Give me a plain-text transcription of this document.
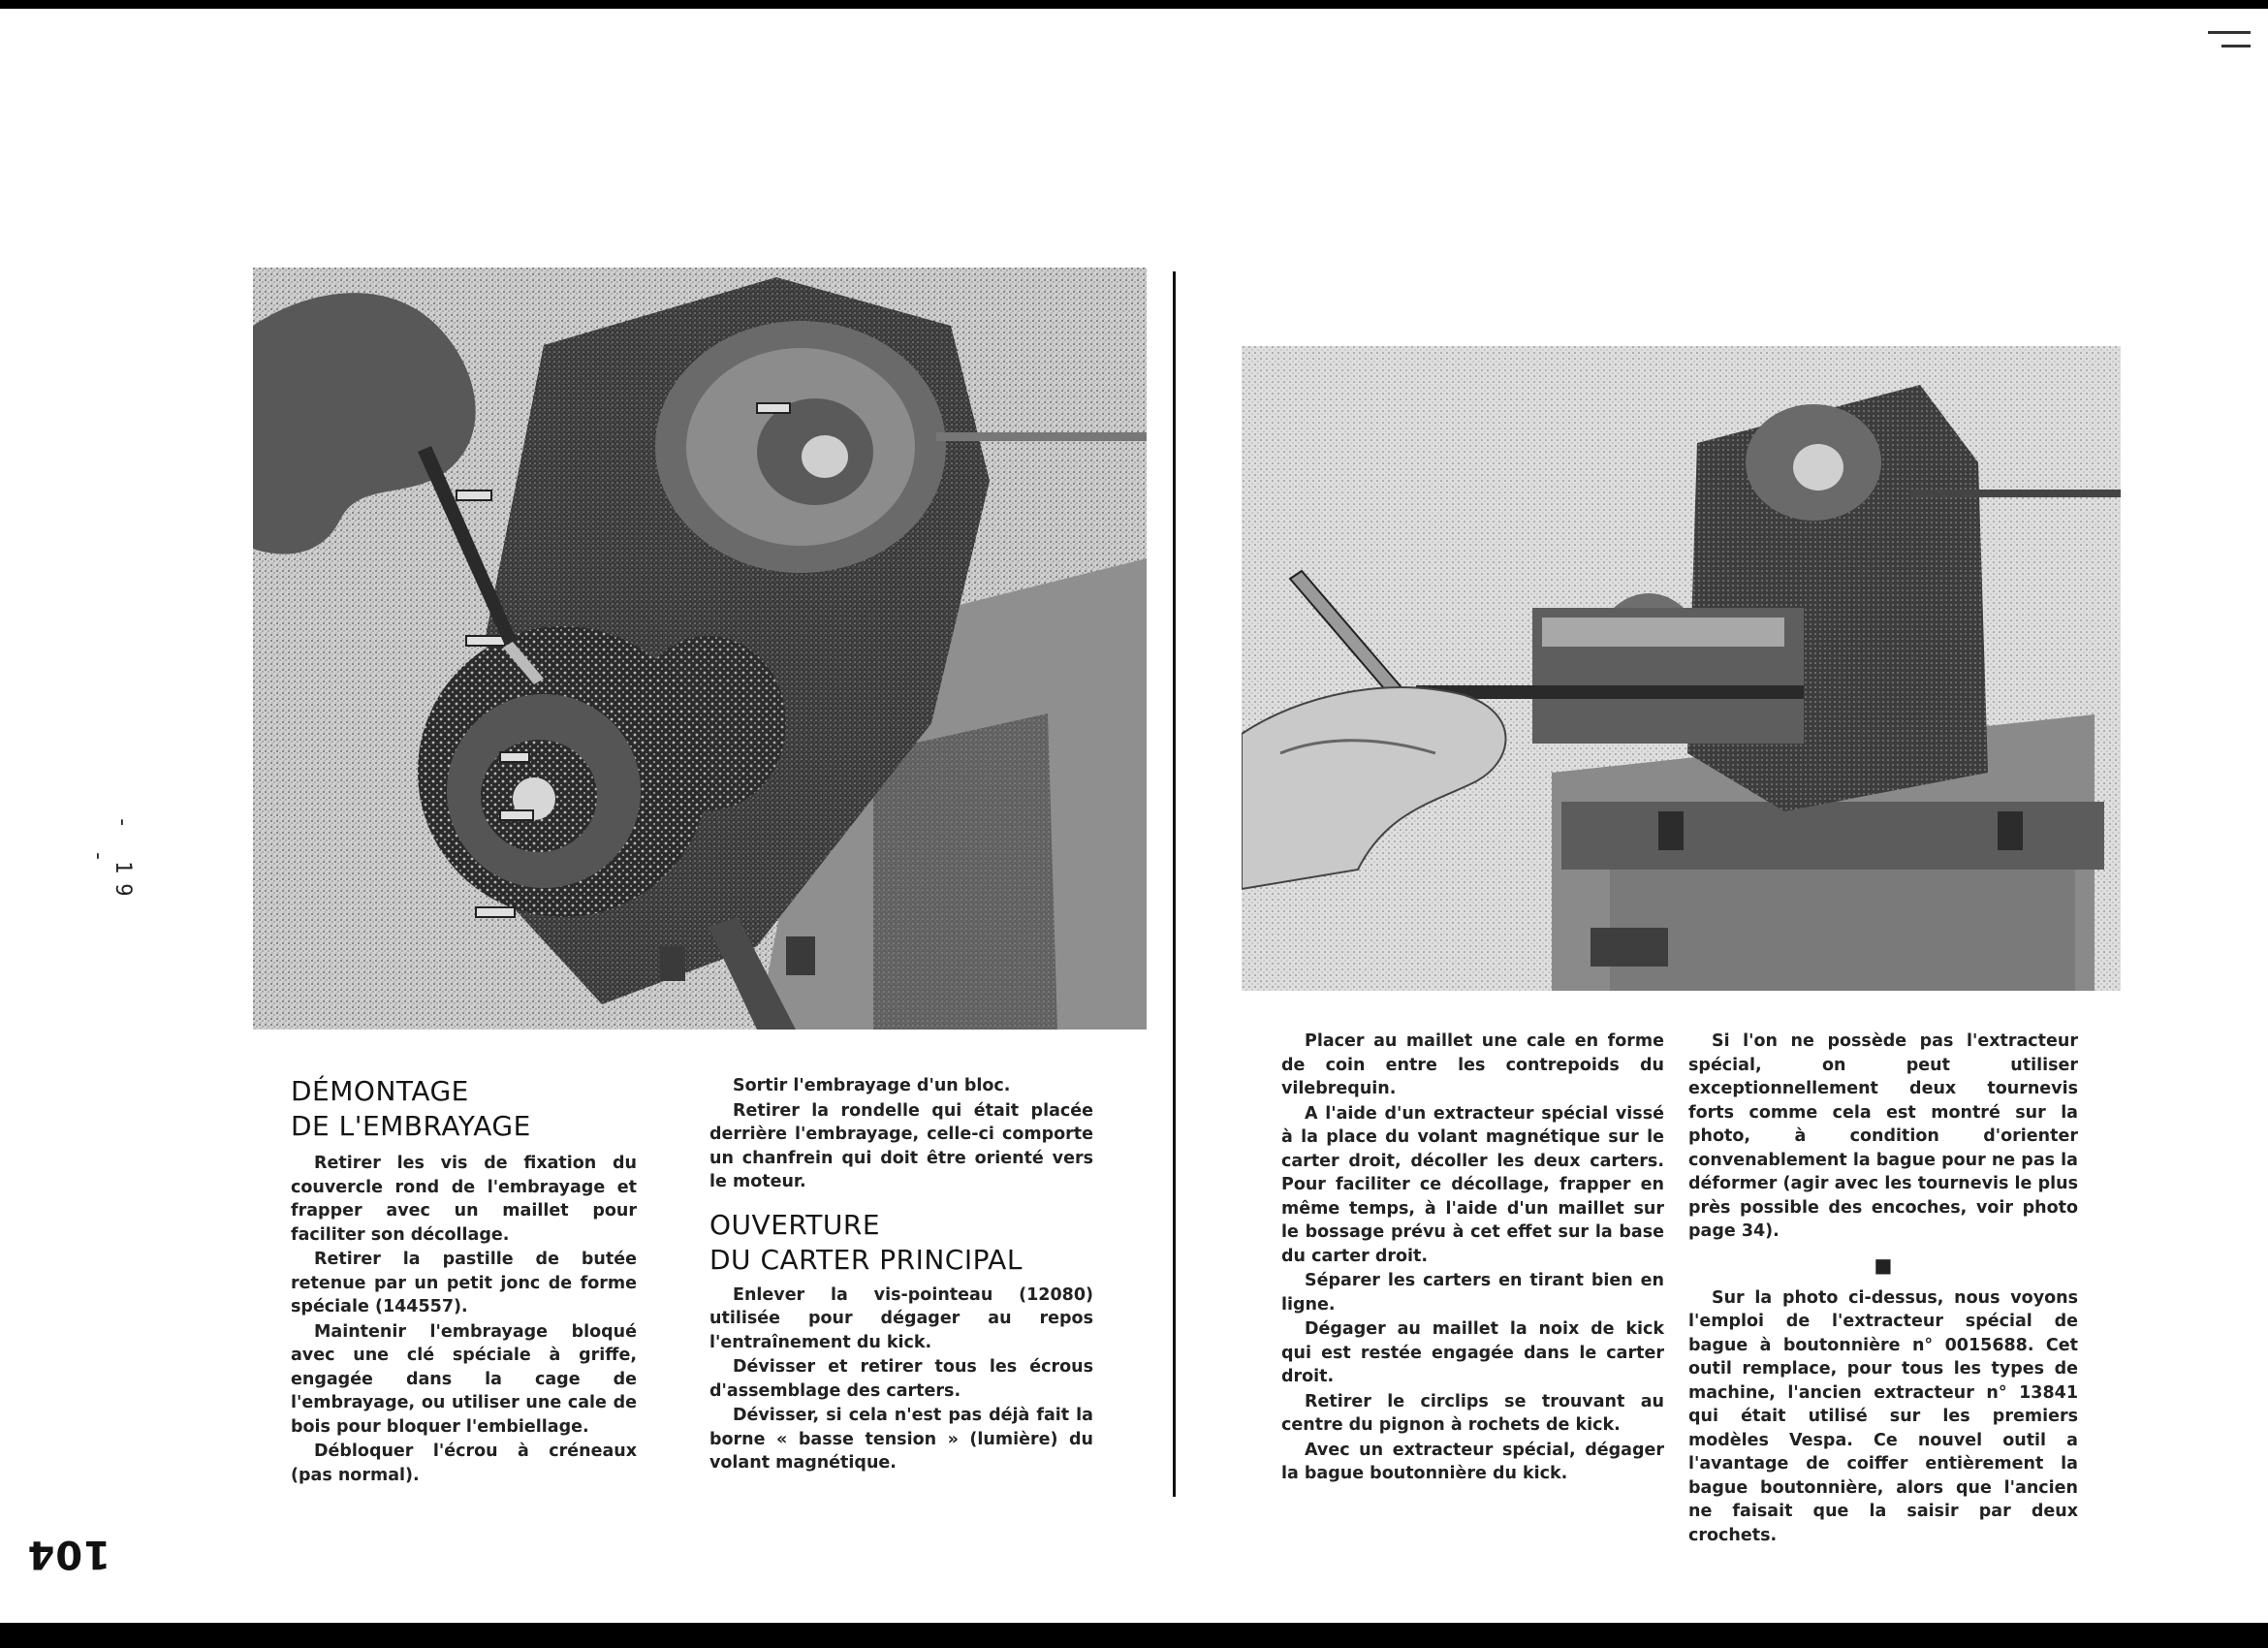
- 19 -
104
DÉMONTAGE
DE L'EMBRAYAGE

Retirer les vis de fixation du couvercle rond de l'embrayage et frapper avec un maillet pour faciliter son décollage.

Retirer la pastille de butée retenue par un petit jonc de forme spéciale (144557).

Maintenir l'embrayage bloqué avec une clé spéciale à griffe, engagée dans la cage de l'embrayage, ou utiliser une cale de bois pour bloquer l'embiellage.

Débloquer l'écrou à créneaux (pas normal).

Sortir l'embrayage d'un bloc.

Retirer la rondelle qui était placée derrière l'embrayage, celle-ci comporte un chanfrein qui doit être orienté vers le moteur.

OUVERTURE
DU CARTER PRINCIPAL

Enlever la vis-pointeau (12080) utilisée pour dégager au repos l'entraînement du kick.

Dévisser et retirer tous les écrous d'assemblage des carters.

Dévisser, si cela n'est pas déjà fait la borne « basse tension » (lumière) du volant magnétique.

Placer au maillet une cale en forme de coin entre les contrepoids du vilebrequin.

A l'aide d'un extracteur spécial vissé à la place du volant magnétique sur le carter droit, décoller les deux carters. Pour faciliter ce décollage, frapper en même temps, à l'aide d'un maillet sur le bossage prévu à cet effet sur la base du carter droit.

Séparer les carters en tirant bien en ligne.

Dégager au maillet la noix de kick qui est restée engagée dans le carter droit.

Retirer le circlips se trouvant au centre du pignon à rochets de kick.

Avec un extracteur spécial, dégager la bague boutonnière du kick.

Si l'on ne possède pas l'extracteur spécial, on peut utiliser exceptionnellement deux tournevis forts comme cela est montré sur la photo, à condition d'orienter convenablement la bague pour ne pas la déformer (agir avec les tournevis le plus près possible des encoches, voir photo page 34).

■

Sur la photo ci-dessus, nous voyons l'emploi de l'extracteur spécial de bague à boutonnière n° 0015688. Cet outil remplace, pour tous les types de machine, l'ancien extracteur n° 13841 qui était utilisé sur les premiers modèles Vespa. Ce nouvel outil a l'avantage de coiffer entièrement la bague boutonnière, alors que l'ancien ne faisait que la saisir par deux crochets.
